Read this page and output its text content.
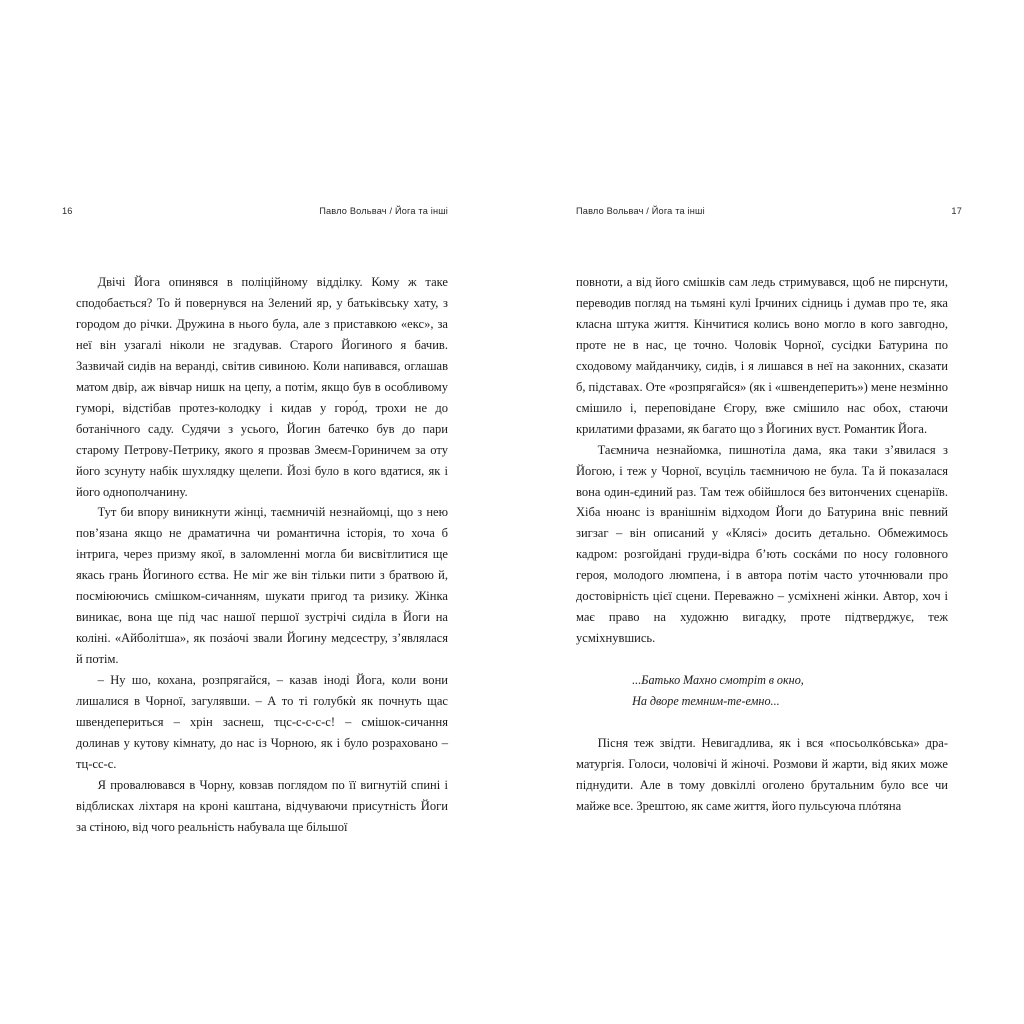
16	Павло Вольвач / Йога та інші

Двічі Йога опинявся в поліційному відділку. Кому ж таке сподобається? То й повернувся на Зелений яр, у батьківську хату, з городом до річки. Дружина в нього була, але з приставкою «екс», за неї він узагалі ніколи не згадував. Старого Йогиного я бачив. Зазвичай сидів на веранді, світив сивиною. Коли напивався, оглашав матом двір, аж вівчар нишк на цепу, а потім, якщо був в особливому гуморі, відстібав протез-колодку і кидав у горо́д, трохи не до ботанічного саду. Судячи з усього, Йогин батечко був до пари старому Петрову-Петрику, якого я прозвав Змеєм-Гориничем за оту його зсунуту набік шухлядку щелепи. Йозі було в кого вдатися, як і його однополчанину.

Тут би впору виникнути жінці, таємничій незнайомці, що з нею пов’язана якщо не драматична чи романтична історія, то хоча б інтрига, через призму якої, в заломленні могла би висвітлитися ще якась грань Йогиного єства. Не міг же він тільки пити з братвою й, посміюючись смішком-сичанням, шукати пригод та ризику. Жінка виникає, вона ще під час нашої першої зустрічі сиділа в Йоги на коліні. «Айболітша», як позáочі звали Йогину медсестру, з’являлася й потім.

– Ну шо, кохана, розпрягайся, – казав іноді Йога, коли вони лишалися в Чорної, загулявши. – А то ті голубкѝ як почнуть щас швендепериться – хрін заснеш, тцс-с-с-с-с! – смішок-сичання долинав у кутову кімнату, до нас із Чорною, як і було розраховано – тц-сс-с.

Я провалювався в Чорну, ковзав поглядом по її вигнутій спині і відблисках ліхтаря на кроні каштана, відчуваючи присутність Йоги за стіною, від чого реальність набувала ще більшої

Павло Вольвач / Йога та інші	17

повноти, а від його смішків сам ледь стримувався, щоб не пирснути, переводив погляд на тьмяні кулі Ірчиних сідниць і думав про те, яка класна штука життя. Кінчитися колись воно могло в кого завгодно, проте не в нас, це точно. Чоловік Чорної, сусідки Батурина по сходовому майданчику, сидів, і я лишався в неї на законних, сказати б, підставах. Оте «розпрягайся» (як і «швендеперить») мене незмінно смішило і, переповідане Єгору, вже смішило нас обох, стаючи крилатими фразами, як багато що з Йогиних вуст. Романтик Йога.

Таємнича незнайомка, пишнотіла дама, яка таки з’явилася з Йогою, і теж у Чорної, всуціль таємничою не була. Та й показалася вона один-єдиний раз. Там теж обійшлося без витончених сценаріїв. Хіба нюанс із вранішнім відходом Йоги до Батурина вніс певний зигзаг – він описаний у «Клясі» досить детально. Обмежимось кадром: розгойдані груди-відра б’ють соскáми по носу головного героя, молодого люмпена, і в автора потім часто уточнювали про достовірність цієї сцени. Переважно – усміхнені жінки. Автор, хоч і має право на художню вигадку, проте підтверджує, теж усміхнувшись.

...Батько Махно смотріт в окно,
На дворе темним-те-емно...

Пісня теж звідти. Невигадлива, як і вся «посьолкóвська» драматургія. Голоси, чоловічі й жіночі. Розмови й жарти, від яких може піднудити. Але в тому довкіллі оголено брутальним було все чи майже все. Зрештою, як саме життя, його пульсуюча плóтяна
